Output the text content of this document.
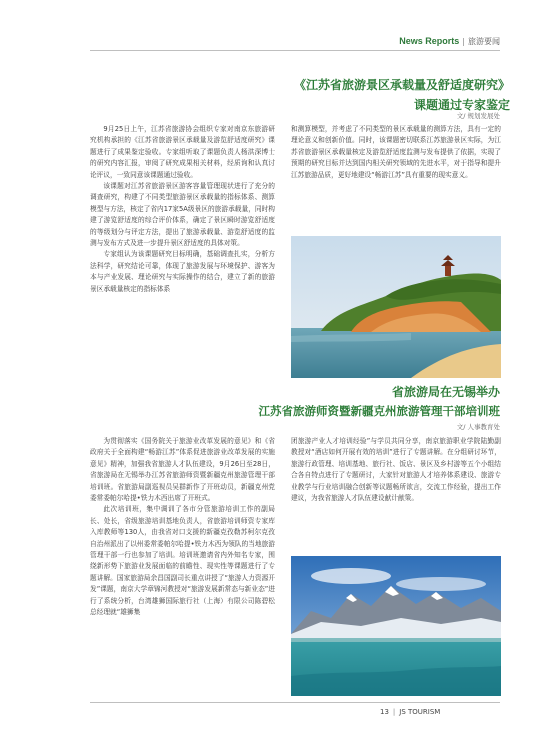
News Reports | 旅游要闻
《江苏省旅游景区承载量及舒适度研究》
课题通过专家鉴定
文/ 规划发展处

9月25日上午，江苏省旅游协会组织专家对南京东旅游研究机构承担的《江苏省旅游景区承载量及游览舒适度研究》课题进行了成果鉴定验收。专家组听取了课题负责人杨洪深博士的研究内容汇报，审阅了研究成果相关材料，经质询和认真讨论评议，一致同意该课题通过验收。

该课题对江苏省旅游景区游客容量管理现状进行了充分的调查研究，构建了不同类型旅游景区承载量的指标体系、测算模型与方法，核定了省内17家5A级景区的旅游承载量，同时构建了游览舒适度的综合评价体系，确定了景区瞬时游览舒适度的等级划分与评定方法，提出了旅游承载量、游览舒适度的监测与发布方式及进一步提升景区舒适度的具体对策。

专家组认为该课题研究目标明确，基础调查扎实，分析方法科学，研究结论可靠，体现了旅游发展与环境保护、游客为本与产业发展、理论研究与实际操作的结合，建立了新的旅游景区承载量核定的指标体系

和测算模型，并考虑了不同类型的景区承载量的测算方法，具有一定的理论意义和创新价值。同时，该课题密切联系江苏旅游景区实际，为江苏省旅游景区承载量核定及游览舒适度监测与发布提供了依据，实现了预期的研究目标并达到国内相关研究领域的先进水平，对于指导和提升江苏旅游品质，更好地建设“畅游江苏”具有重要的现实意义。

省旅游局在无锡举办
江苏省旅游师资暨新疆克州旅游管理干部培训班
文/ 人事教育处

为贯彻落实《国务院关于旅游业改革发展的意见》和《省政府关于全面构建“畅游江苏”体系促进旅游业改革发展的实施意见》精神，加强我省旅游人才队伍建设，9月26日至28日，省旅游局在无锡举办江苏省旅游师资暨新疆克州旅游管理干部培训班。省旅游局副巡视员吴群新作了开班动员，新疆克州党委常委帕尔哈提•铁力木西出席了开班式。

此次培训班，集中调训了各市分管旅游培训工作的副局长、处长，省级旅游培训基地负责人，省旅游培训师资专家库入库教师等130人，由我省对口支援的新疆克孜勒苏柯尔克孜自治州派出了以州委常委帕尔哈提•铁力木西为领队的当地旅游管理干部一行也参加了培训。培训班邀请省内外知名专家，围绕新形势下旅游业发展面临的前瞻性、现实性等课题进行了专题讲解。国家旅游局余昌国副司长重点讲授了“旅游人力资源开发”课题，南京大学章锦河教授对“旅游发展新常态与新业态”进行了系统分析，台湾雄狮国际旅行社（上海）有限公司陈碧松总经理就“雄狮集

团旅游产业人才培训经验”与学员共同分享，南京旅游职业学院陆勤副教授对“酒店如何开展有效的培训”进行了专题讲解。在分组研讨环节，旅游行政管理、培训基地、旅行社、饭店、景区及乡村游等五个小组结合各自特点进行了专题研讨，大家针对旅游人才培养体系建设、旅游专业教学与行业培训融合创新等议题畅所欲言，交流工作经验，提出工作建议，为我省旅游人才队伍建设献计献策。

13 | JS TOURISM
